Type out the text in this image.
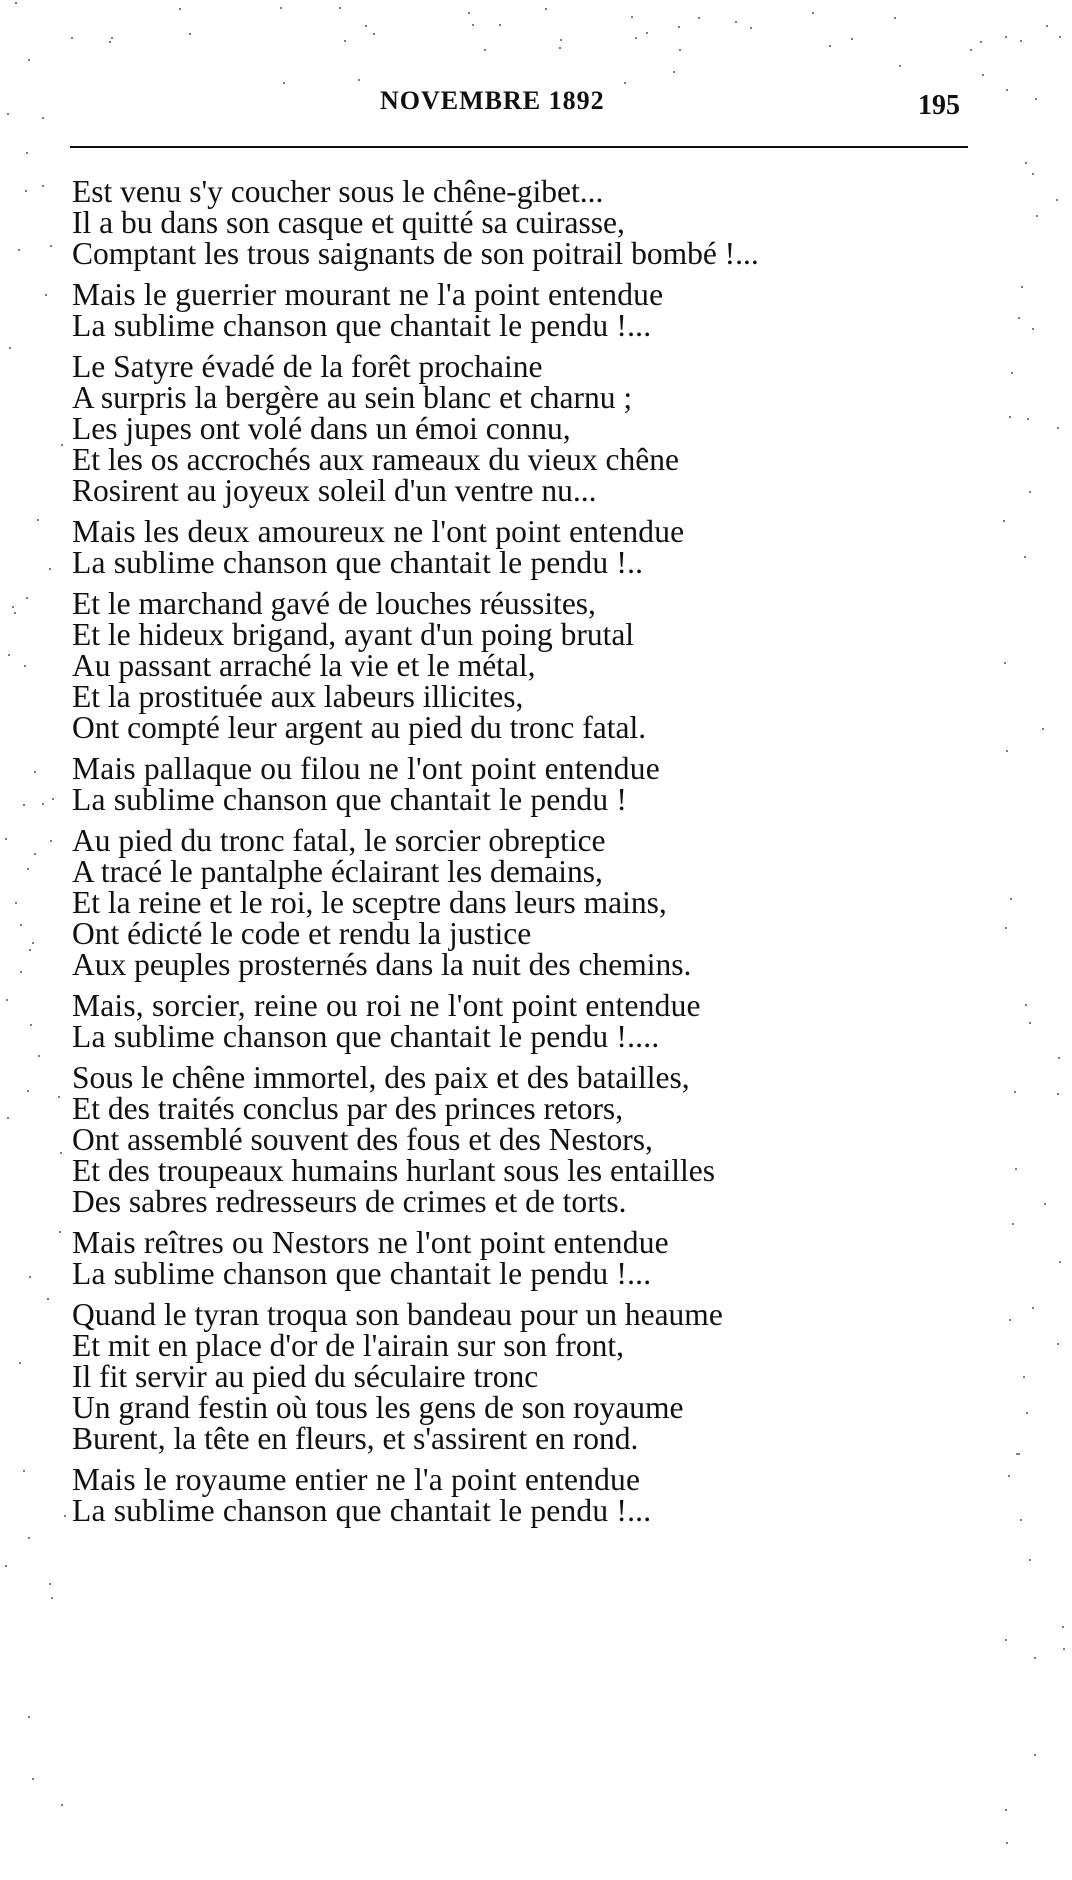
NOVEMBRE 1892	195
Est venu s'y coucher sous le chêne-gibet...
Il a bu dans son casque et quitté sa cuirasse,
Comptant les trous saignants de son poitrail bombé !...
Mais le guerrier mourant ne l'a point entendue
La sublime chanson que chantait le pendu !...
Le Satyre évadé de la forêt prochaine
A surpris la bergère au sein blanc et charnu ;
Les jupes ont volé dans un émoi connu,
Et les os accrochés aux rameaux du vieux chêne
Rosirent au joyeux soleil d'un ventre nu...
Mais les deux amoureux ne l'ont point entendue
La sublime chanson que chantait le pendu !..
Et le marchand gavé de louches réussites,
Et le hideux brigand, ayant d'un poing brutal
Au passant arraché la vie et le métal,
Et la prostituée aux labeurs illicites,
Ont compté leur argent au pied du tronc fatal.
Mais pallaque ou filou ne l'ont point entendue
La sublime chanson que chantait le pendu !
Au pied du tronc fatal, le sorcier obreptice
A tracé le pantalphe éclairant les demains,
Et la reine et le roi, le sceptre dans leurs mains,
Ont édicté le code et rendu la justice
Aux peuples prosternés dans la nuit des chemins.
Mais, sorcier, reine ou roi ne l'ont point entendue
La sublime chanson que chantait le pendu !....
Sous le chêne immortel, des paix et des batailles,
Et des traités conclus par des princes retors,
Ont assemblé souvent des fous et des Nestors,
Et des troupeaux humains hurlant sous les entailles
Des sabres redresseurs de crimes et de torts.
Mais reîtres ou Nestors ne l'ont point entendue
La sublime chanson que chantait le pendu !...
Quand le tyran troqua son bandeau pour un heaume
Et mit en place d'or de l'airain sur son front,
Il fit servir au pied du séculaire tronc
Un grand festin où tous les gens de son royaume
Burent, la tête en fleurs, et s'assirent en rond.
Mais le royaume entier ne l'a point entendue
La sublime chanson que chantait le pendu !...
